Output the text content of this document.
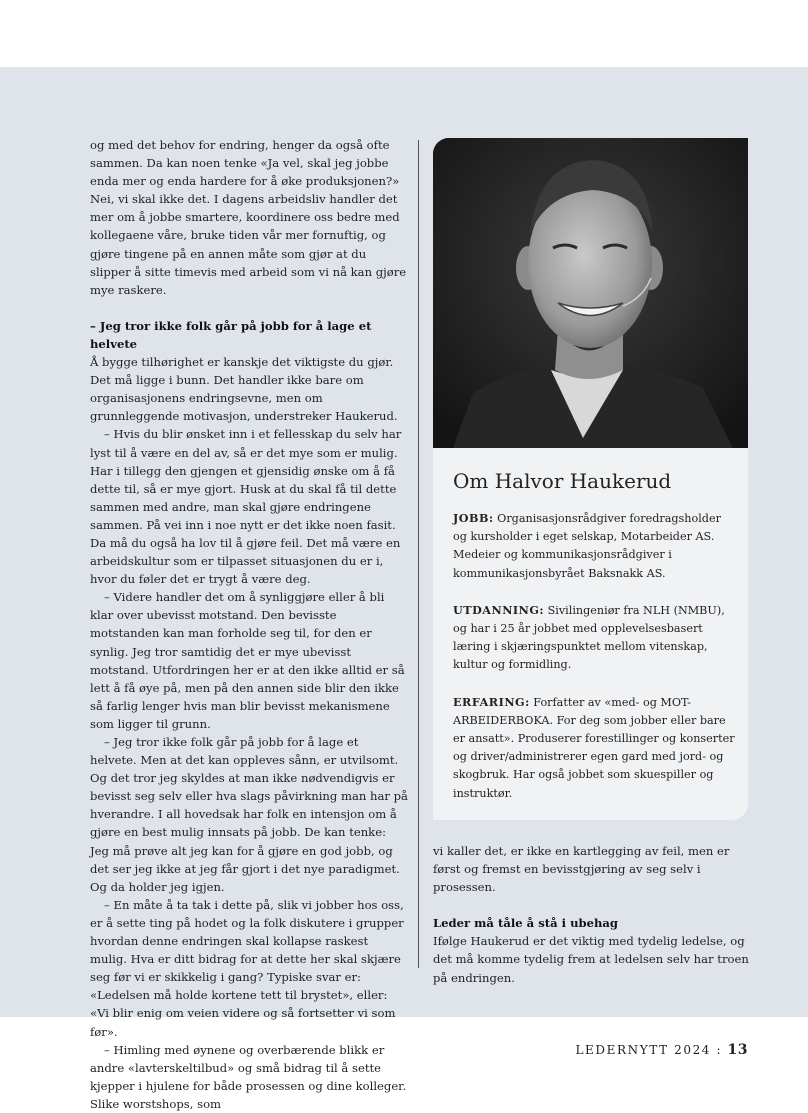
og med det behov for endring, henger da også ofte sammen. Da kan noen tenke «Ja vel, skal jeg jobbe enda mer og enda hardere for å øke produksjonen?» Nei, vi skal ikke det. I dagens arbeidsliv handler det mer om å jobbe smartere, koordinere oss bedre med kollegaene våre, bruke tiden vår mer fornuftig, og gjøre tingene på en annen måte som gjør at du slipper å sitte timevis med arbeid som vi nå kan gjøre mye raskere.

– Jeg tror ikke folk går på jobb for å lage et helvete

Å bygge tilhørighet er kanskje det viktigste du gjør. Det må ligge i bunn. Det handler ikke bare om organisasjonens endringsevne, men om grunnleggende motivasjon, understreker Haukerud.

– Hvis du blir ønsket inn i et fellesskap du selv har lyst til å være en del av, så er det mye som er mulig. Har i tillegg den gjengen et gjensidig ønske om å få dette til, så er mye gjort. Husk at du skal få til dette sammen med andre, man skal gjøre endringene sammen. På vei inn i noe nytt er det ikke noen fasit. Da må du også ha lov til å gjøre feil. Det må være en arbeidskultur som er tilpasset situasjonen du er i, hvor du føler det er trygt å være deg.

– Videre handler det om å synliggjøre eller å bli klar over ubevisst motstand. Den bevisste motstanden kan man forholde seg til, for den er synlig. Jeg tror samtidig det er mye ubevisst motstand. Utfordringen her er at den ikke alltid er så lett å få øye på, men på den annen side blir den ikke så farlig lenger hvis man blir bevisst mekanismene som ligger til grunn.

– Jeg tror ikke folk går på jobb for å lage et helvete. Men at det kan oppleves sånn, er utvilsomt. Og det tror jeg skyldes at man ikke nødvendigvis er bevisst seg selv eller hva slags påvirkning man har på hverandre. I all hovedsak har folk en intensjon om å gjøre en best mulig innsats på jobb. De kan tenke: Jeg må prøve alt jeg kan for å gjøre en god jobb, og det ser jeg ikke at jeg får gjort i det nye paradigmet. Og da holder jeg igjen.

– En måte å ta tak i dette på, slik vi jobber hos oss, er å sette ting på hodet og la folk diskutere i grupper hvordan denne endringen skal kollapse raskest mulig. Hva er ditt bidrag for at dette her skal skjære seg før vi er skikkelig i gang? Typiske svar er: «Ledelsen må holde kortene tett til brystet», eller: «Vi blir enig om veien videre og så fortsetter vi som før».

– Himling med øynene og overbærende blikk er andre «lavterskeltilbud» og små bidrag til å sette kjepper i hjulene for både prosessen og dine kolleger. Slike worstshops, som

Om Halvor Haukerud

JOBB: Organisasjonsrådgiver foredragsholder og kursholder i eget selskap, Motarbeider AS. Medeier og kommunikasjonsrådgiver i kommunikasjonsbyrået Baksnakk AS.

UTDANNING: Sivilingeniør fra NLH (NMBU), og har i 25 år jobbet med opplevelsesbasert læring i skjæringspunktet mellom vitenskap, kultur og formidling.

ERFARING: Forfatter av «med- og MOT-ARBEIDERBOKA. For deg som jobber eller bare er ansatt». Produserer forestillinger og konserter og driver/administrerer egen gard med jord- og skogbruk. Har også jobbet som skuespiller og instruktør.

vi kaller det, er ikke en kartlegging av feil, men er først og fremst en bevisstgjøring av seg selv i prosessen.

Leder må tåle å stå i ubehag

Ifølge Haukerud er det viktig med tydelig ledelse, og det må komme tydelig frem at ledelsen selv har troen på endringen.

LEDERNYTT 2024 : 13
